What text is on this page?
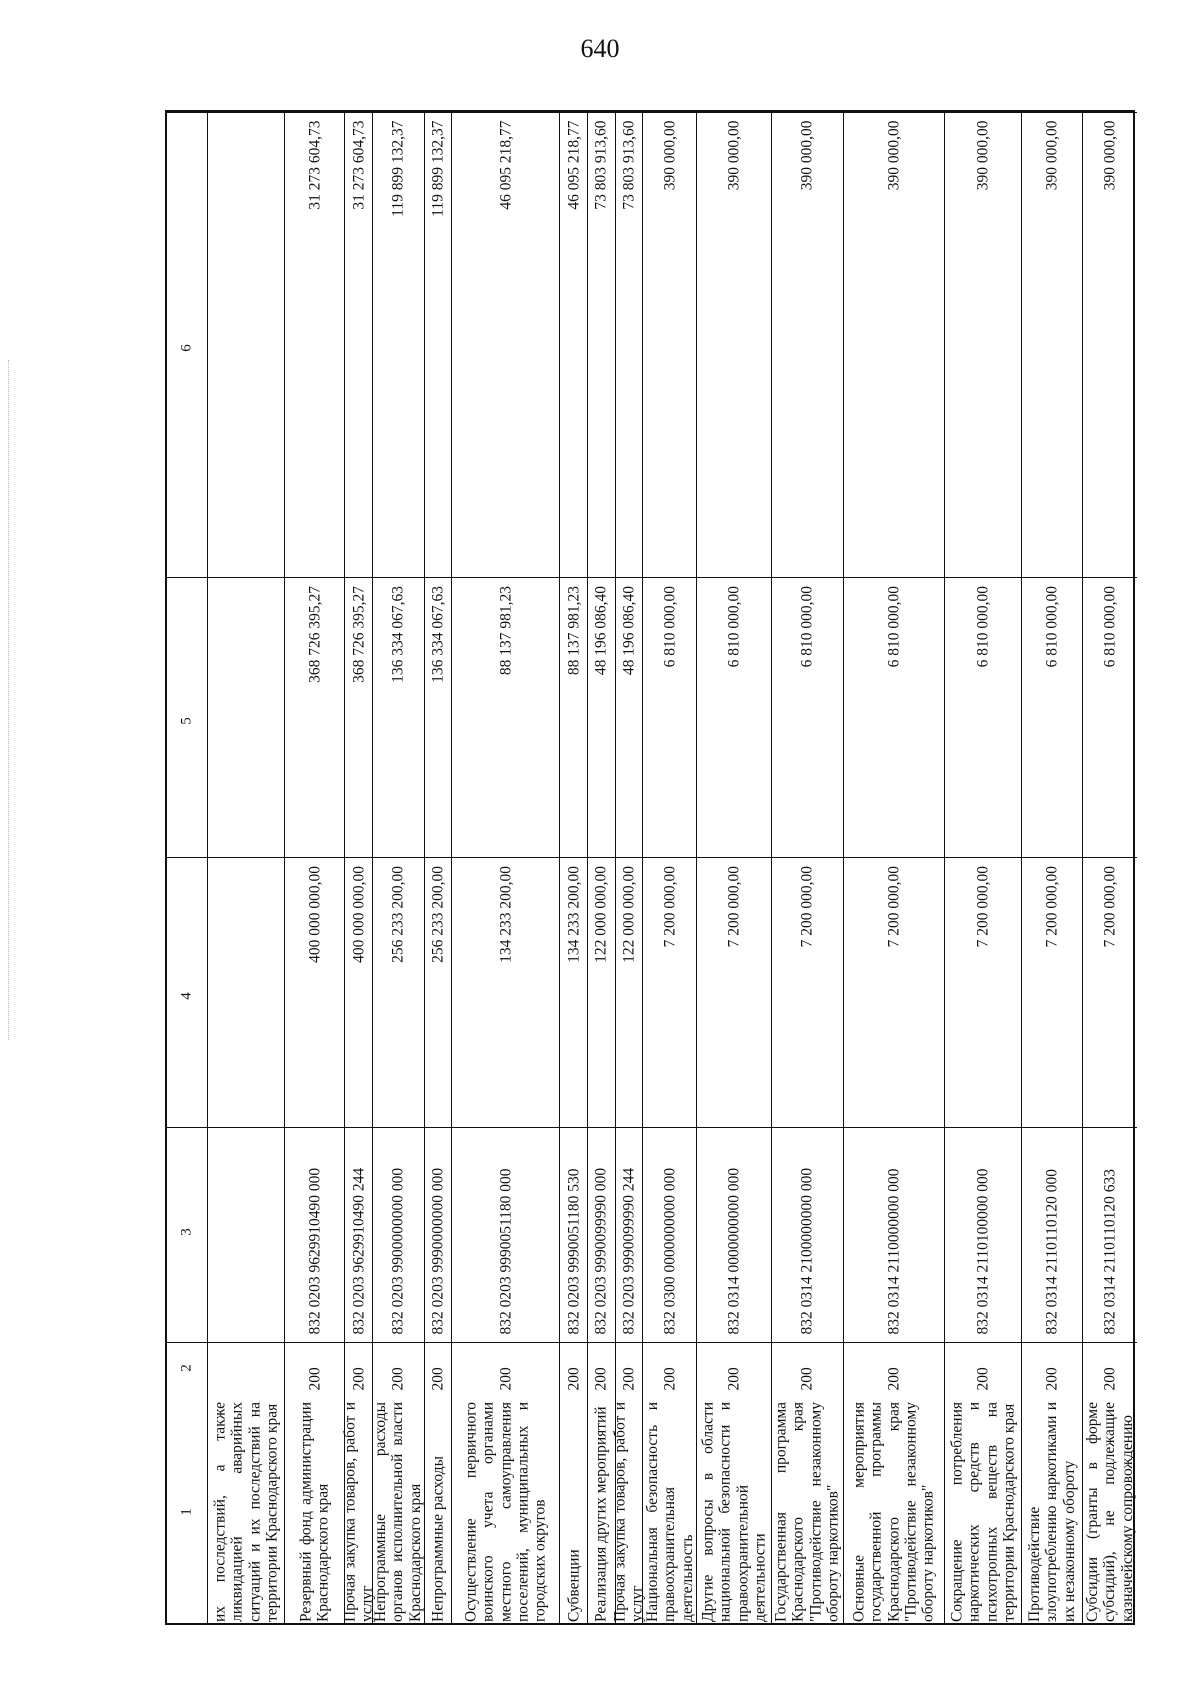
640
1
2
3
4
5
6
их последствий, а также ликвидацией аварийных ситуаций и их последствий на территории Краснодарского края Резервный фонд администрации Краснодарского края
200
832 0203 9629910490 000
400 000 000,00
368 726 395,27
31 273 604,73
Прочая закупка товаров, работ и услуг
200
832 0203 9629910490 244
400 000 000,00
368 726 395,27
31 273 604,73
Непрограммные расходы органов исполнительной власти Краснодарского края
200
832 0203 9900000000 000
256 233 200,00
136 334 067,63
119 899 132,37
Непрограммные расходы
200
832 0203 9990000000 000
256 233 200,00
136 334 067,63
119 899 132,37
Осуществление первичного воинского учета органами местного самоуправления поселений, муниципальных и городских округов
200
832 0203 9990051180 000
134 233 200,00
88 137 981,23
46 095 218,77
Субвенции
200
832 0203 9990051180 530
134 233 200,00
88 137 981,23
46 095 218,77
Реализация других мероприятий
200
832 0203 9990099990 000
122 000 000,00
48 196 086,40
73 803 913,60
Прочая закупка товаров, работ и услуг
200
832 0203 9990099990 244
122 000 000,00
48 196 086,40
73 803 913,60
Национальная безопасность и правоохранительная деятельность
200
832 0300 0000000000 000
7 200 000,00
6 810 000,00
390 000,00
Другие вопросы в области национальной безопасности и правоохранительной деятельности
200
832 0314 0000000000 000
7 200 000,00
6 810 000,00
390 000,00
Государственная программа Краснодарского края "Противодействие незаконному обороту наркотиков"
200
832 0314 2100000000 000
7 200 000,00
6 810 000,00
390 000,00
Основные мероприятия государственной программы Краснодарского края "Противодействие незаконному обороту наркотиков"
200
832 0314 2110000000 000
7 200 000,00
6 810 000,00
390 000,00
Сокращение потребления наркотических средств и психотропных веществ на территории Краснодарского края
200
832 0314 2110100000 000
7 200 000,00
6 810 000,00
390 000,00
Противодействие злоупотреблению наркотиками и их незаконному обороту
200
832 0314 2110110120 000
7 200 000,00
6 810 000,00
390 000,00
Субсидии (гранты в форме субсидий), не подлежащие казначейскому сопровождению
200
832 0314 2110110120 633
7 200 000,00
6 810 000,00
390 000,00
